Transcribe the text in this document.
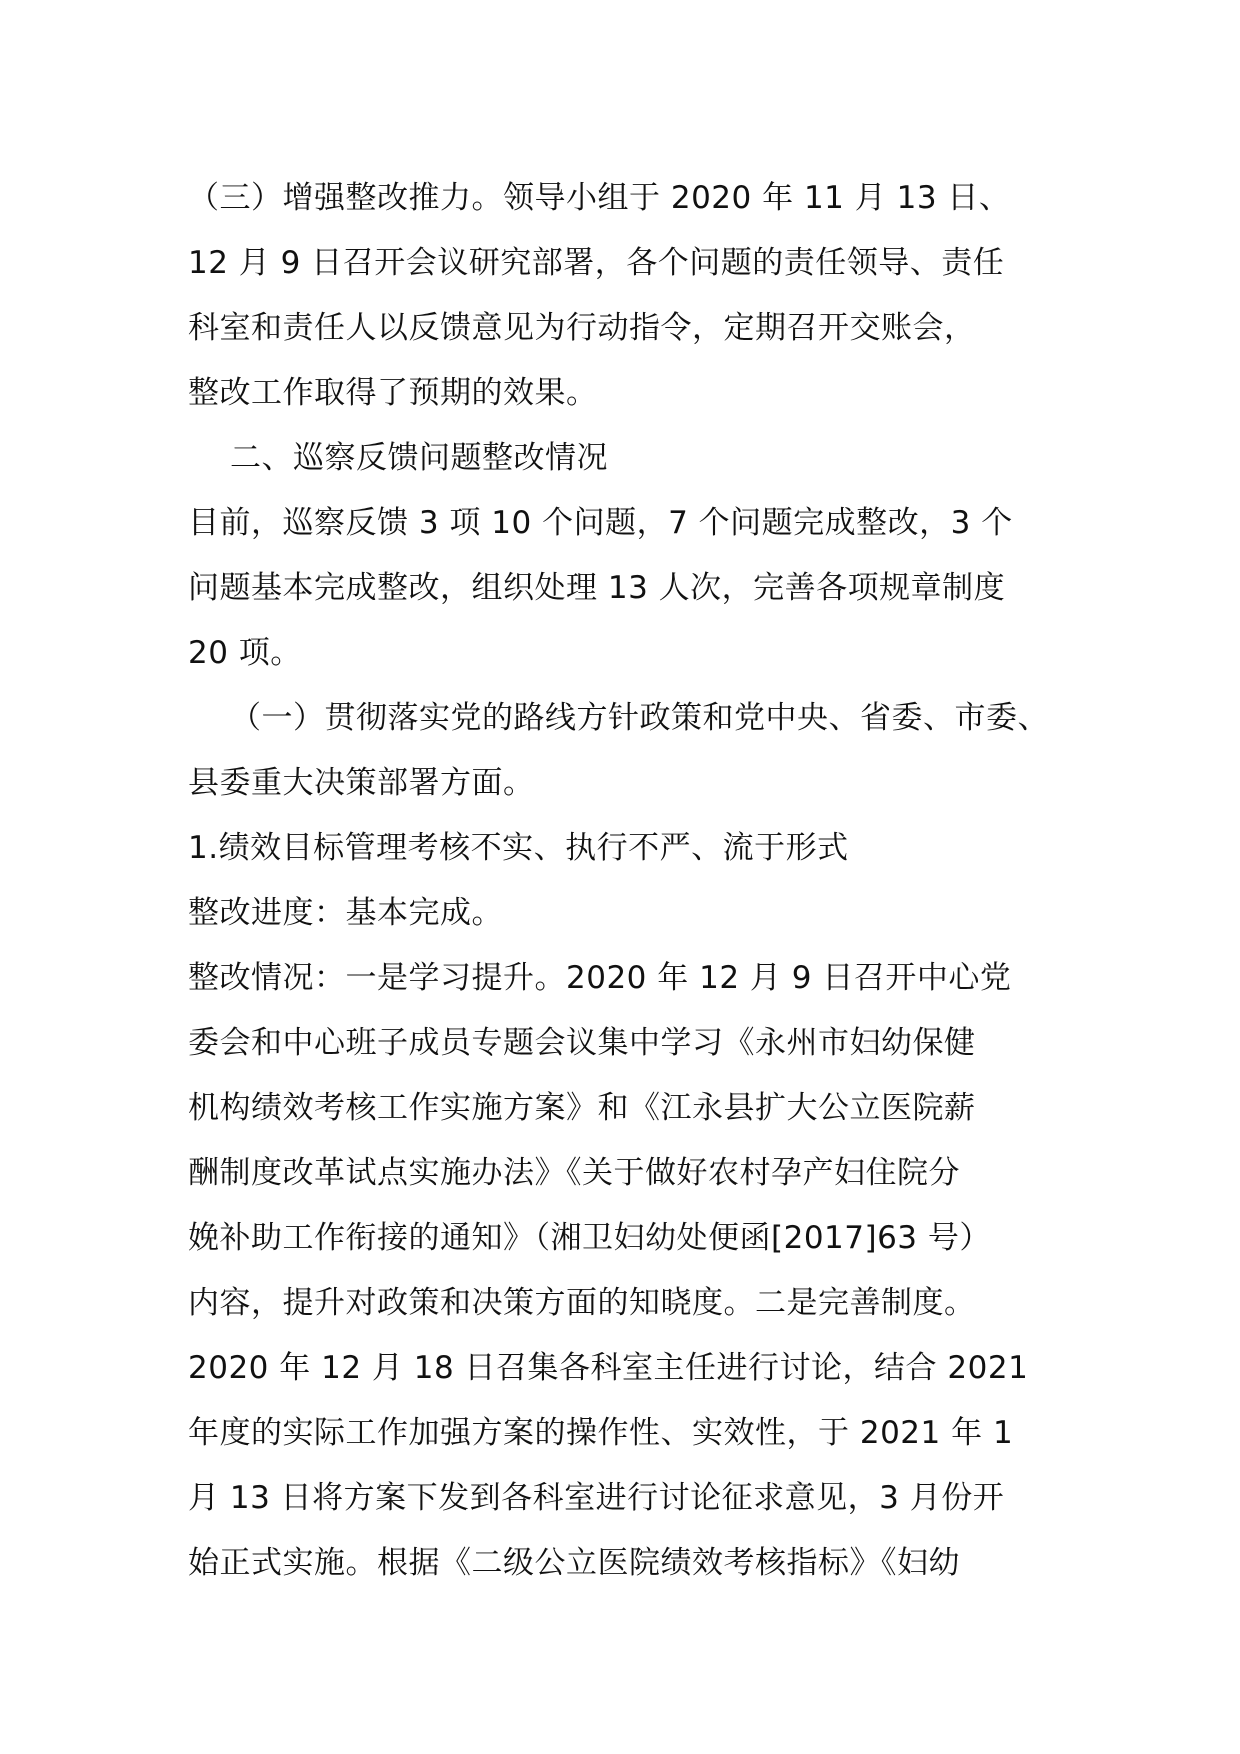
（三）增强整改推力。领导小组于 2020 年 11 月 13 日、
12 月 9 日召开会议研究部署，各个问题的责任领导、责任
科室和责任人以反馈意见为行动指令，定期召开交账会，
整改工作取得了预期的效果。
二、巡察反馈问题整改情况
目前，巡察反馈 3 项 10 个问题，7 个问题完成整改，3 个
问题基本完成整改，组织处理 13 人次，完善各项规章制度
20 项。
（一）贯彻落实党的路线方针政策和党中央、省委、市委、
县委重大决策部署方面。
1.绩效目标管理考核不实、执行不严、流于形式
整改进度：基本完成。
整改情况：一是学习提升。2020 年 12 月 9 日召开中心党
委会和中心班子成员专题会议集中学习《永州市妇幼保健
机构绩效考核工作实施方案》和《江永县扩大公立医院薪
酬制度改革试点实施办法》《关于做好农村孕产妇住院分
娩补助工作衔接的通知》（湘卫妇幼处便函[2017]63 号）
内容，提升对政策和决策方面的知晓度。二是完善制度。
2020 年 12 月 18 日召集各科室主任进行讨论，结合 2021
年度的实际工作加强方案的操作性、实效性，于 2021 年 1
月 13 日将方案下发到各科室进行讨论征求意见，3 月份开
始正式实施。根据《二级公立医院绩效考核指标》《妇幼
